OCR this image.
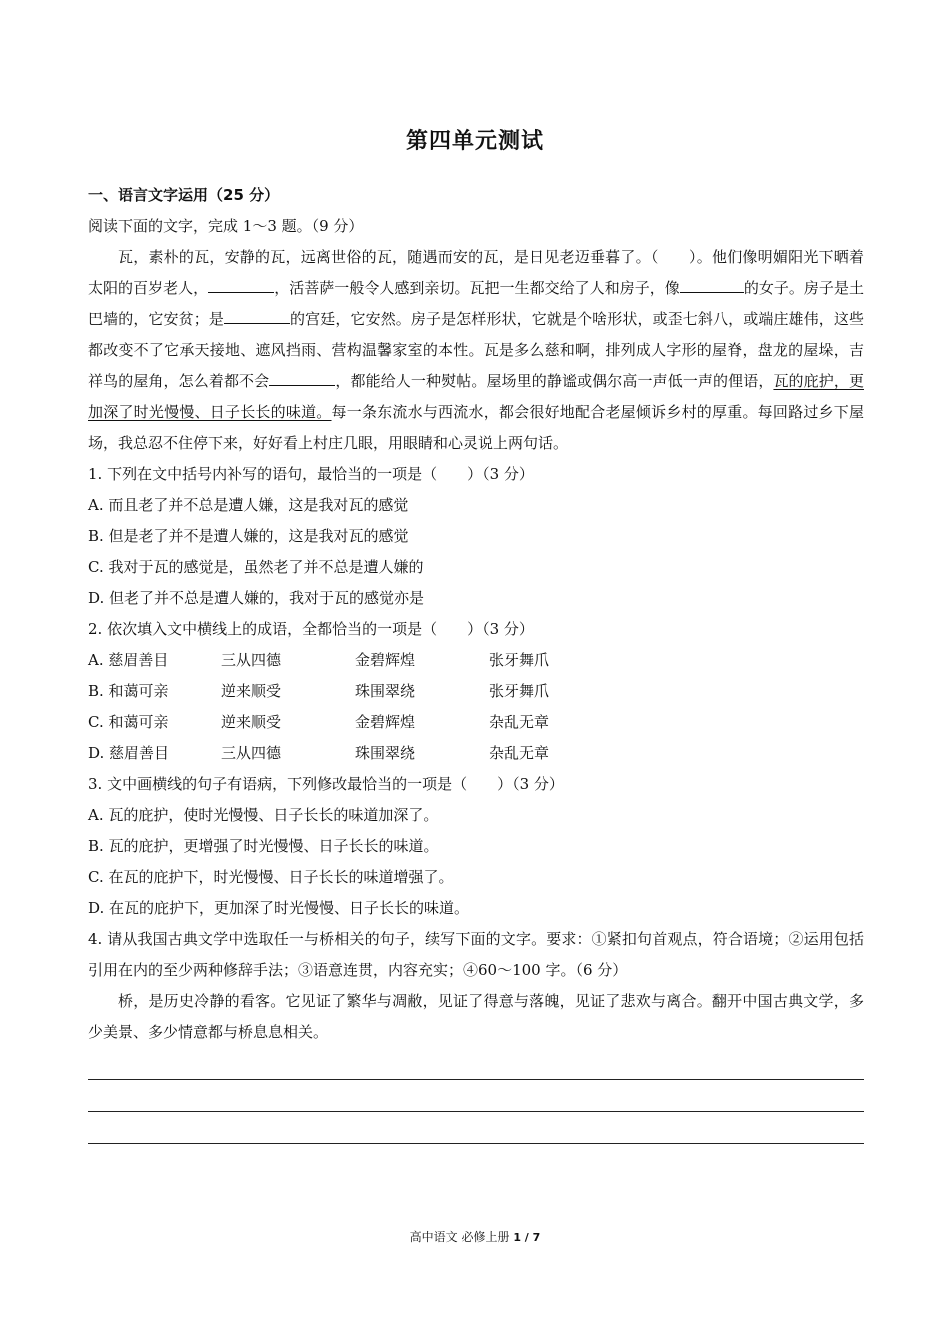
第四单元测试

一、语言文字运用（25 分）

阅读下面的文字，完成 1～3 题。（9 分）

瓦，素朴的瓦，安静的瓦，远离世俗的瓦，随遇而安的瓦，是日见老迈垂暮了。（　　）。他们像明媚阳光下晒着太阳的百岁老人，	，活菩萨一般令人感到亲切。瓦把一生都交给了人和房子，像	的女子。房子是土巴墙的，它安贫；是	的宫廷，它安然。房子是怎样形状，它就是个啥形状，或歪七斜八，或端庄雄伟，这些都改变不了它承天接地、遮风挡雨、营构温馨家室的本性。瓦是多么慈和啊，排列成人字形的屋脊，盘龙的屋垛，吉祥鸟的屋角，怎么着都不会	，都能给人一种熨帖。屋场里的静谧或偶尔高一声低一声的俚语，瓦的庇护，更加深了时光慢慢、日子长长的味道。每一条东流水与西流水，都会很好地配合老屋倾诉乡村的厚重。每回路过乡下屋场，我总忍不住停下来，好好看上村庄几眼，用眼睛和心灵说上两句话。

1. 下列在文中括号内补写的语句，最恰当的一项是（　　）（3 分）

A. 而且老了并不总是遭人嫌，这是我对瓦的感觉

B. 但是老了并不是遭人嫌的，这是我对瓦的感觉

C. 我对于瓦的感觉是，虽然老了并不总是遭人嫌的

D. 但老了并不总是遭人嫌的，我对于瓦的感觉亦是

2. 依次填入文中横线上的成语，全都恰当的一项是（　　）（3 分）

A. 慈眉善目	三从四德	金碧辉煌	张牙舞爪
B. 和蔼可亲	逆来顺受	珠围翠绕	张牙舞爪
C. 和蔼可亲	逆来顺受	金碧辉煌	杂乱无章
D. 慈眉善目	三从四德	珠围翠绕	杂乱无章

3. 文中画横线的句子有语病，下列修改最恰当的一项是（　　）（3 分）

A. 瓦的庇护，使时光慢慢、日子长长的味道加深了。

B. 瓦的庇护，更增强了时光慢慢、日子长长的味道。

C. 在瓦的庇护下，时光慢慢、日子长长的味道增强了。

D. 在瓦的庇护下，更加深了时光慢慢、日子长长的味道。

4. 请从我国古典文学中选取任一与桥相关的句子，续写下面的文字。要求：①紧扣句首观点，符合语境；②运用包括引用在内的至少两种修辞手法；③语意连贯，内容充实；④60～100 字。（6 分）

桥，是历史冷静的看客。它见证了繁华与凋敝，见证了得意与落魄，见证了悲欢与离合。翻开中国古典文学，多少美景、多少情意都与桥息息相关。

高中语文 必修上册 1 / 7
